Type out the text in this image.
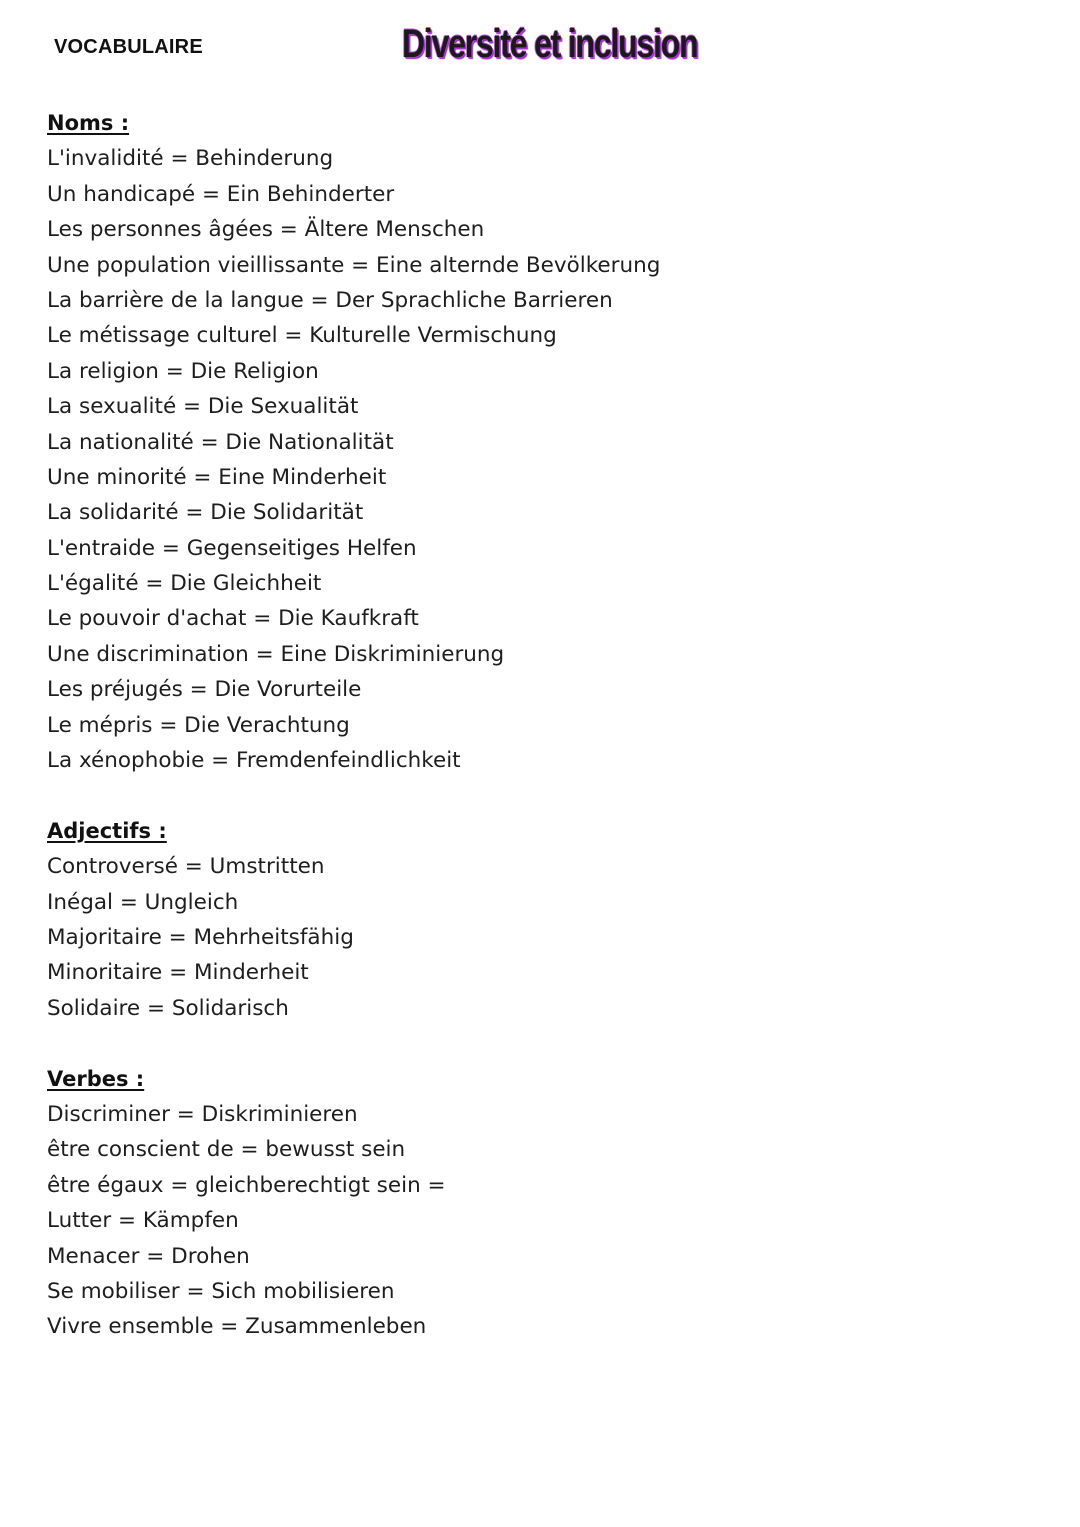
VOCABULAIRE	Diversité et inclusion
Noms :
L'invalidité = Behinderung
Un handicapé = Ein Behinderter
Les personnes âgées = Ältere Menschen
Une population vieillissante = Eine alternde Bevölkerung
La barrière de la langue = Der Sprachliche Barrieren
Le métissage culturel = Kulturelle Vermischung
La religion = Die Religion
La sexualité = Die Sexualität
La nationalité = Die Nationalität
Une minorité = Eine Minderheit
La solidarité = Die Solidarität
L'entraide = Gegenseitiges Helfen
L'égalité = Die Gleichheit
Le pouvoir d'achat = Die Kaufkraft
Une discrimination = Eine Diskriminierung
Les préjugés = Die Vorurteile
Le mépris = Die Verachtung
La xénophobie = Fremdenfeindlichkeit
Adjectifs :
Controversé = Umstritten
Inégal = Ungleich
Majoritaire = Mehrheitsfähig
Minoritaire = Minderheit
Solidaire = Solidarisch
Verbes :
Discriminer = Diskriminieren
être conscient de = bewusst sein
être égaux = gleichberechtigt sein =
Lutter = Kämpfen
Menacer = Drohen
Se mobiliser = Sich mobilisieren
Vivre ensemble = Zusammenleben
